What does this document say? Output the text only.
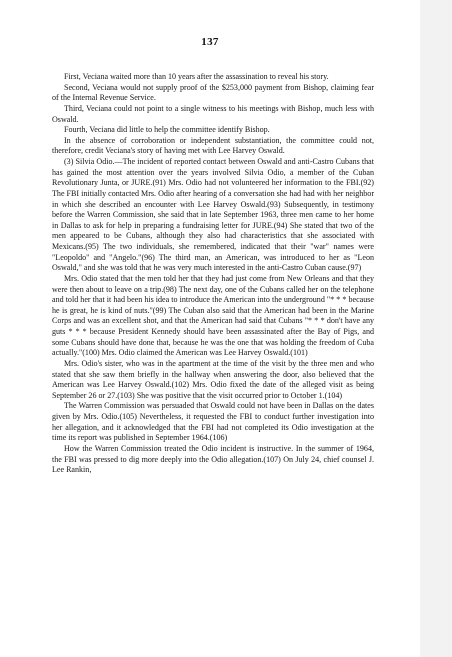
137

First, Veciana waited more than 10 years after the assassination to reveal his story.

Second, Veciana would not supply proof of the $253,000 payment from Bishop, claiming fear of the Internal Revenue Service.

Third, Veciana could not point to a single witness to his meetings with Bishop, much less with Oswald.

Fourth, Veciana did little to help the committee identify Bishop.

In the absence of corroboration or independent substantiation, the committee could not, therefore, credit Veciana's story of having met with Lee Harvey Oswald.

(3) Silvia Odio.—The incident of reported contact between Oswald and anti-Castro Cubans that has gained the most attention over the years involved Silvia Odio, a member of the Cuban Revolutionary Junta, or JURE.(91) Mrs. Odio had not volunteered her information to the FBI.(92) The FBI initially contacted Mrs. Odio after hearing of a conversation she had had with her neighbor in which she described an encounter with Lee Harvey Oswald.(93) Subsequently, in testimony before the Warren Commission, she said that in late September 1963, three men came to her home in Dallas to ask for help in preparing a fundraising letter for JURE.(94) She stated that two of the men appeared to be Cubans, although they also had characteristics that she associated with Mexicans.(95) The two individuals, she remembered, indicated that their "war" names were "Leopoldo" and "Angelo."(96) The third man, an American, was introduced to her as "Leon Oswald," and she was told that he was very much interested in the anti-Castro Cuban cause.(97)

Mrs. Odio stated that the men told her that they had just come from New Orleans and that they were then about to leave on a trip.(98) The next day, one of the Cubans called her on the telephone and told her that it had been his idea to introduce the American into the underground "* * * because he is great, he is kind of nuts."(99) The Cuban also said that the American had been in the Marine Corps and was an excellent shot, and that the American had said that Cubans "* * * don't have any guts * * * because President Kennedy should have been assassinated after the Bay of Pigs, and some Cubans should have done that, because he was the one that was holding the freedom of Cuba actually."(100) Mrs. Odio claimed the American was Lee Harvey Oswald.(101)

Mrs. Odio's sister, who was in the apartment at the time of the visit by the three men and who stated that she saw them briefly in the hallway when answering the door, also believed that the American was Lee Harvey Oswald.(102) Mrs. Odio fixed the date of the alleged visit as being September 26 or 27.(103) She was positive that the visit occurred prior to October 1.(104)

The Warren Commission was persuaded that Oswald could not have been in Dallas on the dates given by Mrs. Odio.(105) Nevertheless, it requested the FBI to conduct further investigation into her allegation, and it acknowledged that the FBI had not completed its Odio investigation at the time its report was published in September 1964.(106)

How the Warren Commission treated the Odio incident is instructive. In the summer of 1964, the FBI was pressed to dig more deeply into the Odio allegation.(107) On July 24, chief counsel J. Lee Rankin,
